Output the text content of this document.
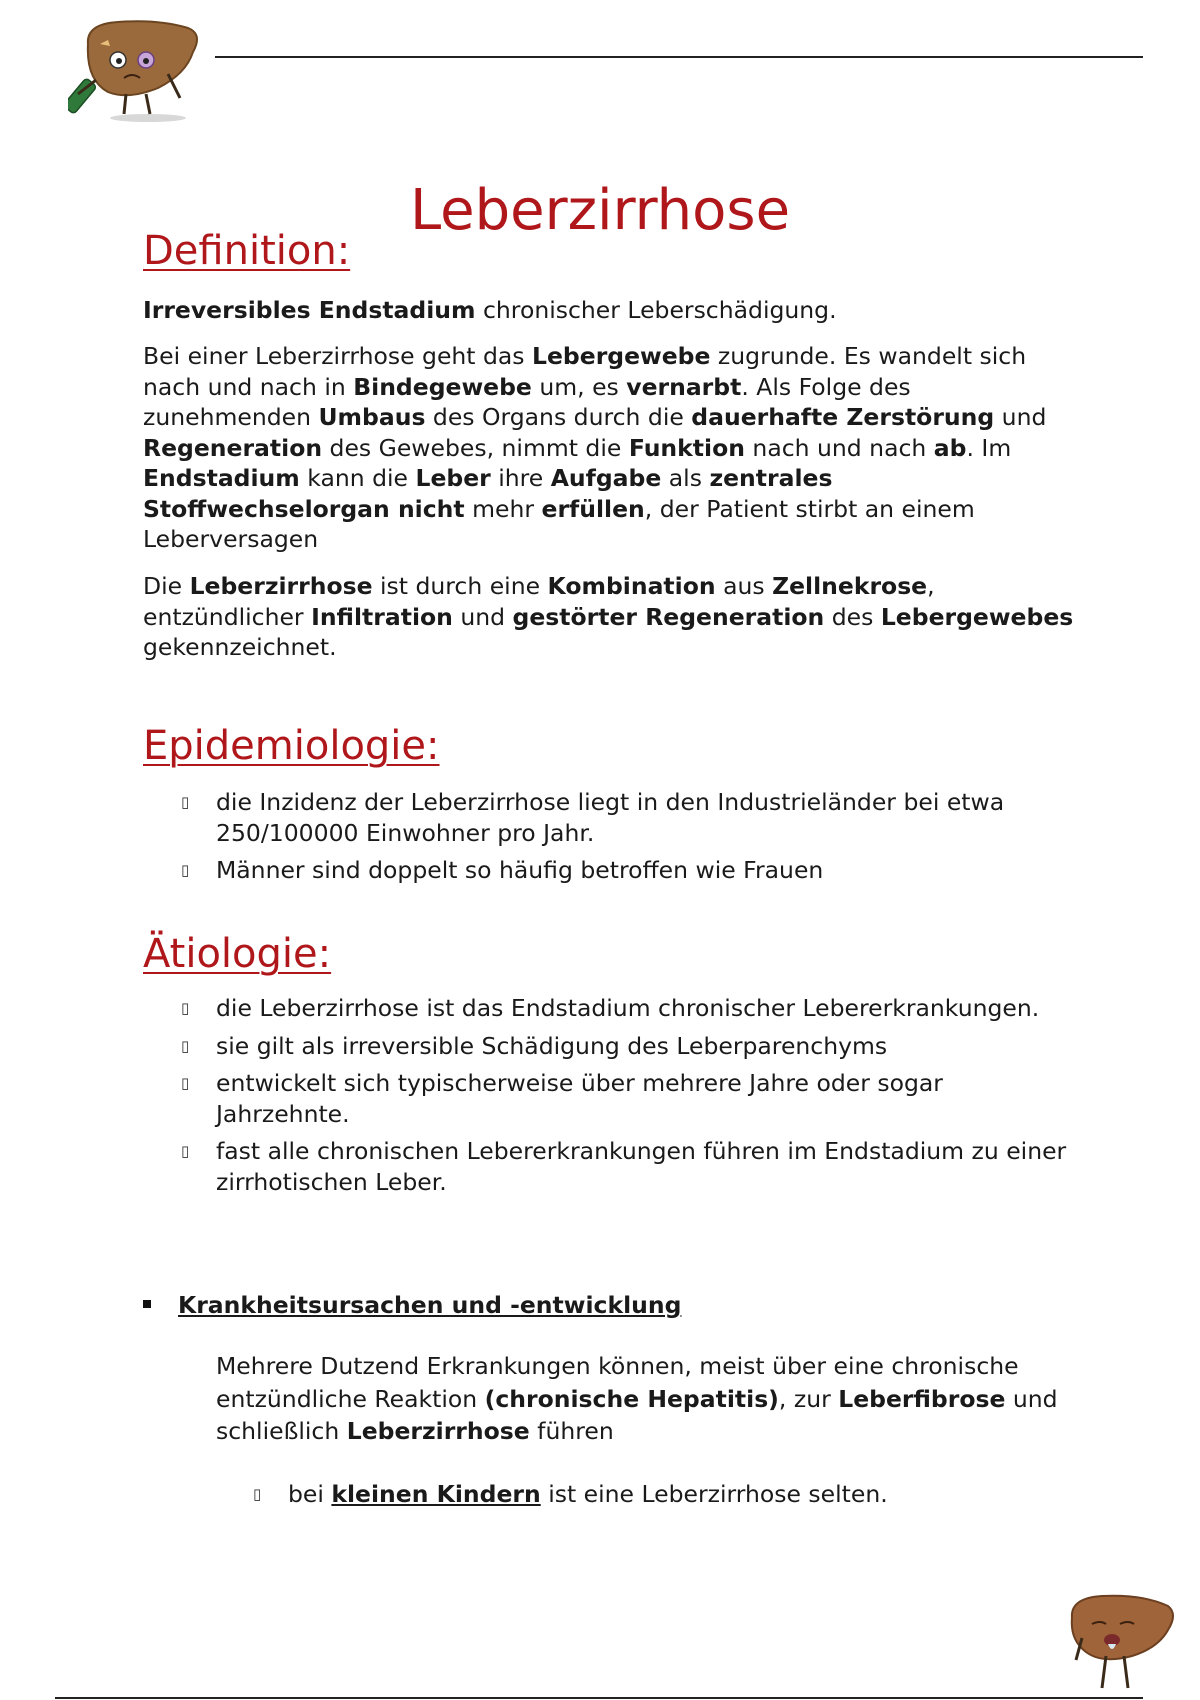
Leberzirrhose
Definition:

Irreversibles Endstadium chronischer Leberschädigung.

Bei einer Leberzirrhose geht das Lebergewebe zugrunde. Es wandelt sich nach und nach in Bindegewebe um, es vernarbt. Als Folge des zunehmenden Umbaus des Organs durch die dauerhafte Zerstörung und Regeneration des Gewebes, nimmt die Funktion nach und nach ab. Im Endstadium kann die Leber ihre Aufgabe als zentrales Stoffwechselorgan nicht mehr erfüllen, der Patient stirbt an einem Leberversagen

Die Leberzirrhose ist durch eine Kombination aus Zellnekrose, entzündlicher Infiltration und gestörter Regeneration des Lebergewebes gekennzeichnet.

Epidemiologie:
▯ die Inzidenz der Leberzirrhose liegt in den Industrieländer bei etwa 250/100000 Einwohner pro Jahr.
▯ Männer sind doppelt so häufig betroffen wie Frauen
Ätiologie:
▯ die Leberzirrhose ist das Endstadium chronischer Lebererkrankungen.
▯ sie gilt als irreversible Schädigung des Leberparenchyms
▯ entwickelt sich typischerweise über mehrere Jahre oder sogar Jahrzehnte.
▯ fast alle chronischen Lebererkrankungen führen im Endstadium zu einer zirrhotischen Leber.
Krankheitsursachen und -entwicklung

Mehrere Dutzend Erkrankungen können, meist über eine chronische entzündliche Reaktion (chronische Hepatitis), zur Leberfibrose und schließlich Leberzirrhose führen

▯ bei kleinen Kindern ist eine Leberzirrhose selten.
